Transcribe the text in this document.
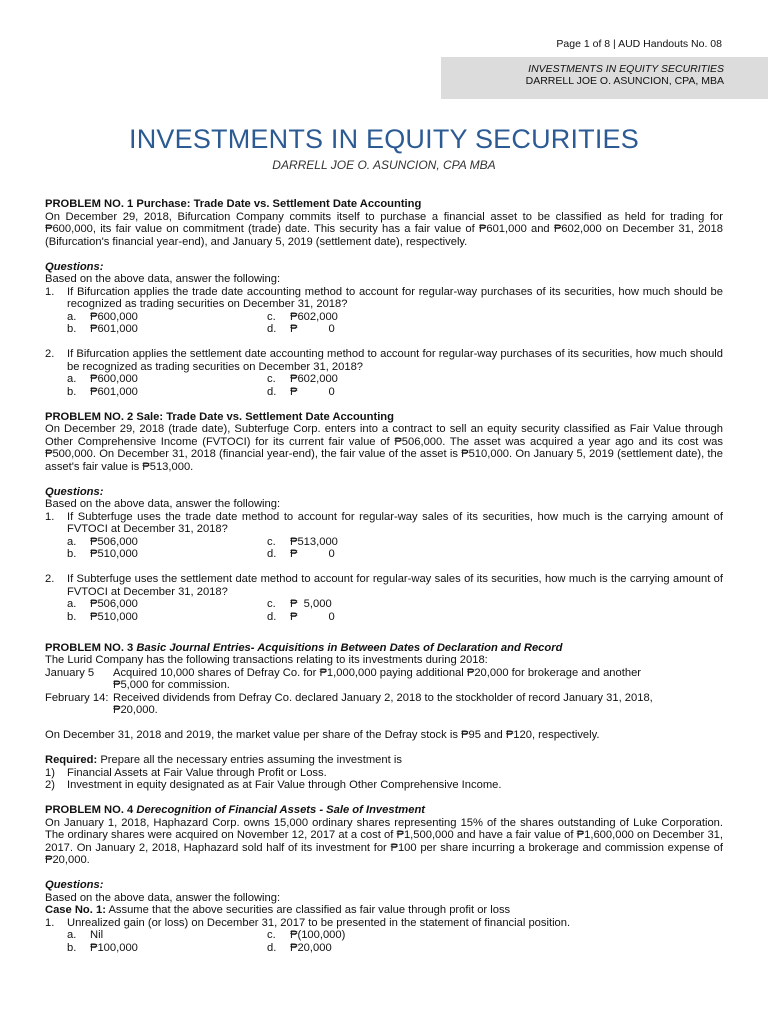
Page 1 of 8 | AUD Handouts No. 08
INVESTMENTS IN EQUITY SECURITIES
DARRELL JOE O. ASUNCION, CPA, MBA
INVESTMENTS IN EQUITY SECURITIES
DARRELL JOE O. ASUNCION, CPA MBA
PROBLEM NO. 1 Purchase: Trade Date vs. Settlement Date Accounting
On December 29, 2018, Bifurcation Company commits itself to purchase a financial asset to be classified as held for trading for ₱600,000, its fair value on commitment (trade) date. This security has a fair value of ₱601,000 and ₱602,000 on December 31, 2018 (Bifurcation's financial year-end), and January 5, 2019 (settlement date), respectively.
Questions:
Based on the above data, answer the following:
1.	If Bifurcation applies the trade date accounting method to account for regular-way purchases of its securities, how much should be recognized as trading securities on December 31, 2018?
a.	₱600,000	c.	₱602,000
b.	₱601,000	d.	₱          0
2.	If Bifurcation applies the settlement date accounting method to account for regular-way purchases of its securities, how much should be recognized as trading securities on December 31, 2018?
a.	₱600,000	c.	₱602,000
b.	₱601,000	d.	₱          0
PROBLEM NO. 2 Sale: Trade Date vs. Settlement Date Accounting
On December 29, 2018 (trade date), Subterfuge Corp. enters into a contract to sell an equity security classified as Fair Value through Other Comprehensive Income (FVTOCI) for its current fair value of ₱506,000. The asset was acquired a year ago and its cost was ₱500,000. On December 31, 2018 (financial year-end), the fair value of the asset is ₱510,000. On January 5, 2019 (settlement date), the asset's fair value is ₱513,000.
Questions:
Based on the above data, answer the following:
1.	If Subterfuge uses the trade date method to account for regular-way sales of its securities, how much is the carrying amount of FVTOCI at December 31, 2018?
a.	₱506,000	c.	₱513,000
b.	₱510,000	d.	₱          0
2.	If Subterfuge uses the settlement date method to account for regular-way sales of its securities, how much is the carrying amount of FVTOCI at December 31, 2018?
a.	₱506,000	c.	₱  5,000
b.	₱510,000	d.	₱          0
PROBLEM NO. 3 Basic Journal Entries- Acquisitions in Between Dates of Declaration and Record
The Lurid Company has the following transactions relating to its investments during 2018:
January 5	Acquired 10,000 shares of Defray Co. for ₱1,000,000 paying additional ₱20,000 for brokerage and another
₱5,000 for commission.
February 14: Received dividends from Defray Co. declared January 2, 2018 to the stockholder of record January 31, 2018,
₱20,000.
On December 31, 2018 and 2019, the market value per share of the Defray stock is ₱95 and ₱120, respectively.
Required: Prepare all the necessary entries assuming the investment is
1)	Financial Assets at Fair Value through Profit or Loss.
2)	Investment in equity designated as at Fair Value through Other Comprehensive Income.
PROBLEM NO. 4 Derecognition of Financial Assets - Sale of Investment
On January 1, 2018, Haphazard Corp. owns 15,000 ordinary shares representing 15% of the shares outstanding of Luke Corporation. The ordinary shares were acquired on November 12, 2017 at a cost of ₱1,500,000 and have a fair value of ₱1,600,000 on December 31, 2017. On January 2, 2018, Haphazard sold half of its investment for ₱100 per share incurring a brokerage and commission expense of ₱20,000.
Questions:
Based on the above data, answer the following:
Case No. 1: Assume that the above securities are classified as fair value through profit or loss
1.	Unrealized gain (or loss) on December 31, 2017 to be presented in the statement of financial position.
a.	Nil	c.	₱(100,000)
b.	₱100,000	d.	₱20,000
